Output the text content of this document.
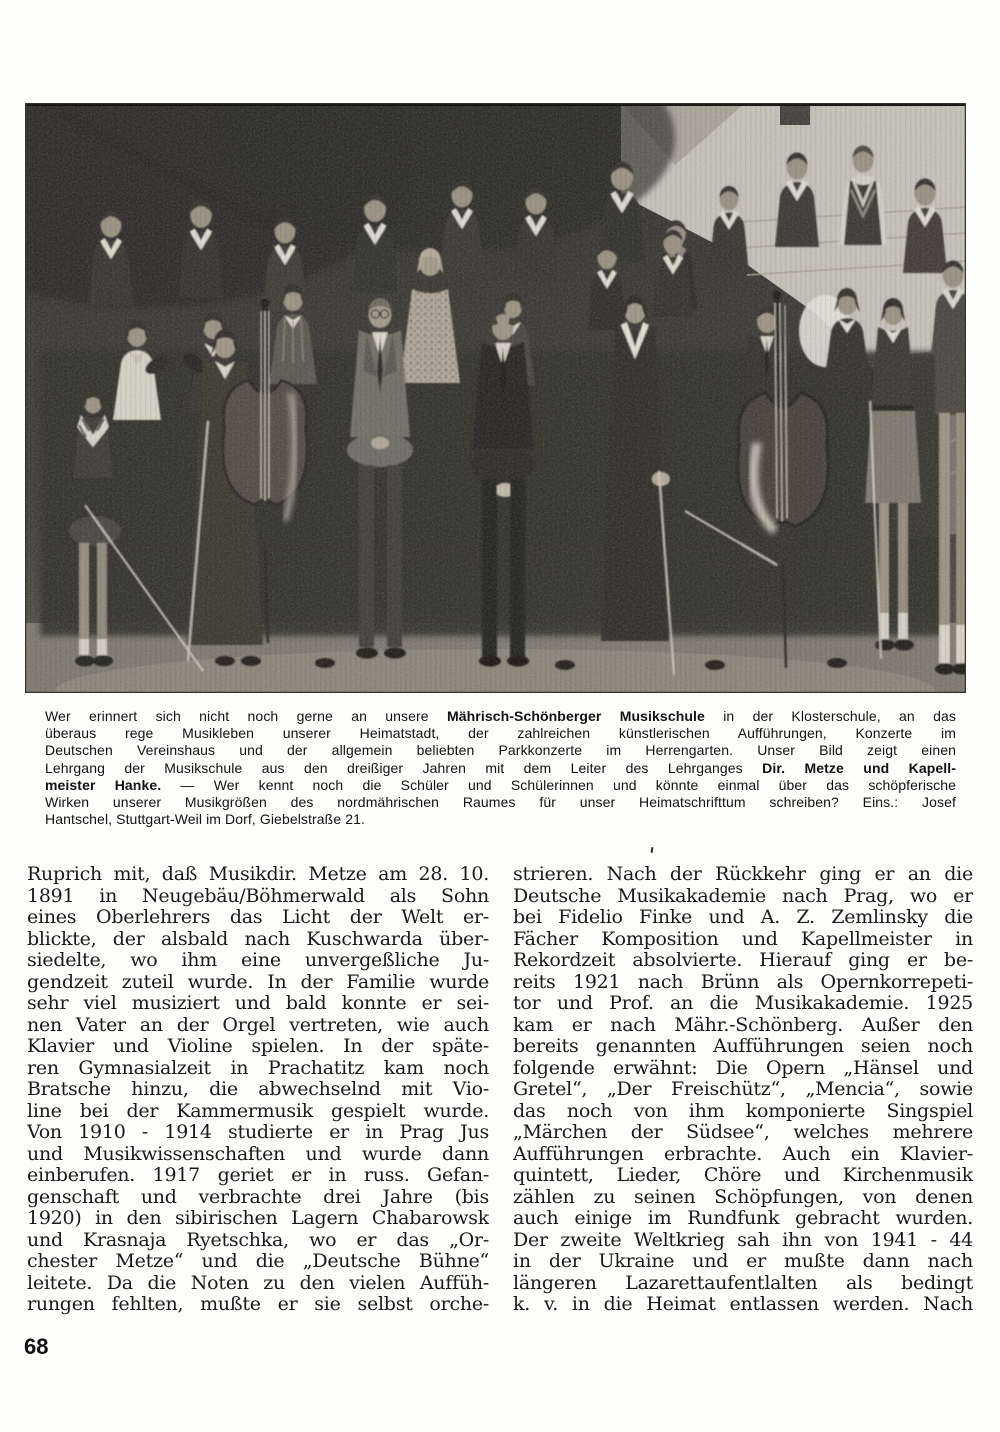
Wer erinnert sich nicht noch gerne an unsere Mährisch-Schönberger Musikschule in der Klosterschule, an das
überaus rege Musikleben unserer Heimatstadt, der zahlreichen künstlerischen Aufführungen, Konzerte im
Deutschen Vereinshaus und der allgemein beliebten Parkkonzerte im Herrengarten. Unser Bild zeigt einen
Lehrgang der Musikschule aus den dreißiger Jahren mit dem Leiter des Lehrganges Dir. Metze und Kapell-
meister Hanke. — Wer kennt noch die Schüler und Schülerinnen und könnte einmal über das schöpferische
Wirken unserer Musikgrößen des nordmährischen Raumes für unser Heimatschrifttum schreiben? Eins.: Josef
Hantschel, Stuttgart-Weil im Dorf, Giebelstraße 21.
Ruprich mit, daß Musikdir. Metze am 28. 10.
1891 in Neugebäu/Böhmerwald als Sohn
eines Oberlehrers das Licht der Welt er-
blickte, der alsbald nach Kuschwarda über-
siedelte, wo ihm eine unvergeßliche Ju-
gendzeit zuteil wurde. In der Familie wurde
sehr viel musiziert und bald konnte er sei-
nen Vater an der Orgel vertreten, wie auch
Klavier und Violine spielen. In der späte-
ren Gymnasialzeit in Prachatitz kam noch
Bratsche hinzu, die abwechselnd mit Vio-
line bei der Kammermusik gespielt wurde.
Von 1910 - 1914 studierte er in Prag Jus
und Musikwissenschaften und wurde dann
einberufen. 1917 geriet er in russ. Gefan-
genschaft und verbrachte drei Jahre (bis
1920) in den sibirischen Lagern Chabarowsk
und Krasnaja Ryetschka, wo er das „Or-
chester Metze“ und die „Deutsche Bühne“
leitete. Da die Noten zu den vielen Auffüh-
rungen fehlten, mußte er sie selbst orche-
strieren. Nach der Rückkehr ging er an die
Deutsche Musikakademie nach Prag, wo er
bei Fidelio Finke und A. Z. Zemlinsky die
Fächer Komposition und Kapellmeister in
Rekordzeit absolvierte. Hierauf ging er be-
reits 1921 nach Brünn als Opernkorrepeti-
tor und Prof. an die Musikakademie. 1925
kam er nach Mähr.-Schönberg. Außer den
bereits genannten Aufführungen seien noch
folgende erwähnt: Die Opern „Hänsel und
Gretel“, „Der Freischütz“, „Mencia“, sowie
das noch von ihm komponierte Singspiel
„Märchen der Südsee“, welches mehrere
Aufführungen erbrachte. Auch ein Klavier-
quintett, Lieder, Chöre und Kirchenmusik
zählen zu seinen Schöpfungen, von denen
auch einige im Rundfunk gebracht wurden.
Der zweite Weltkrieg sah ihn von 1941 - 44
in der Ukraine und er mußte dann nach
längeren Lazarettaufentlalten als bedingt
k. v. in die Heimat entlassen werden. Nach
68
